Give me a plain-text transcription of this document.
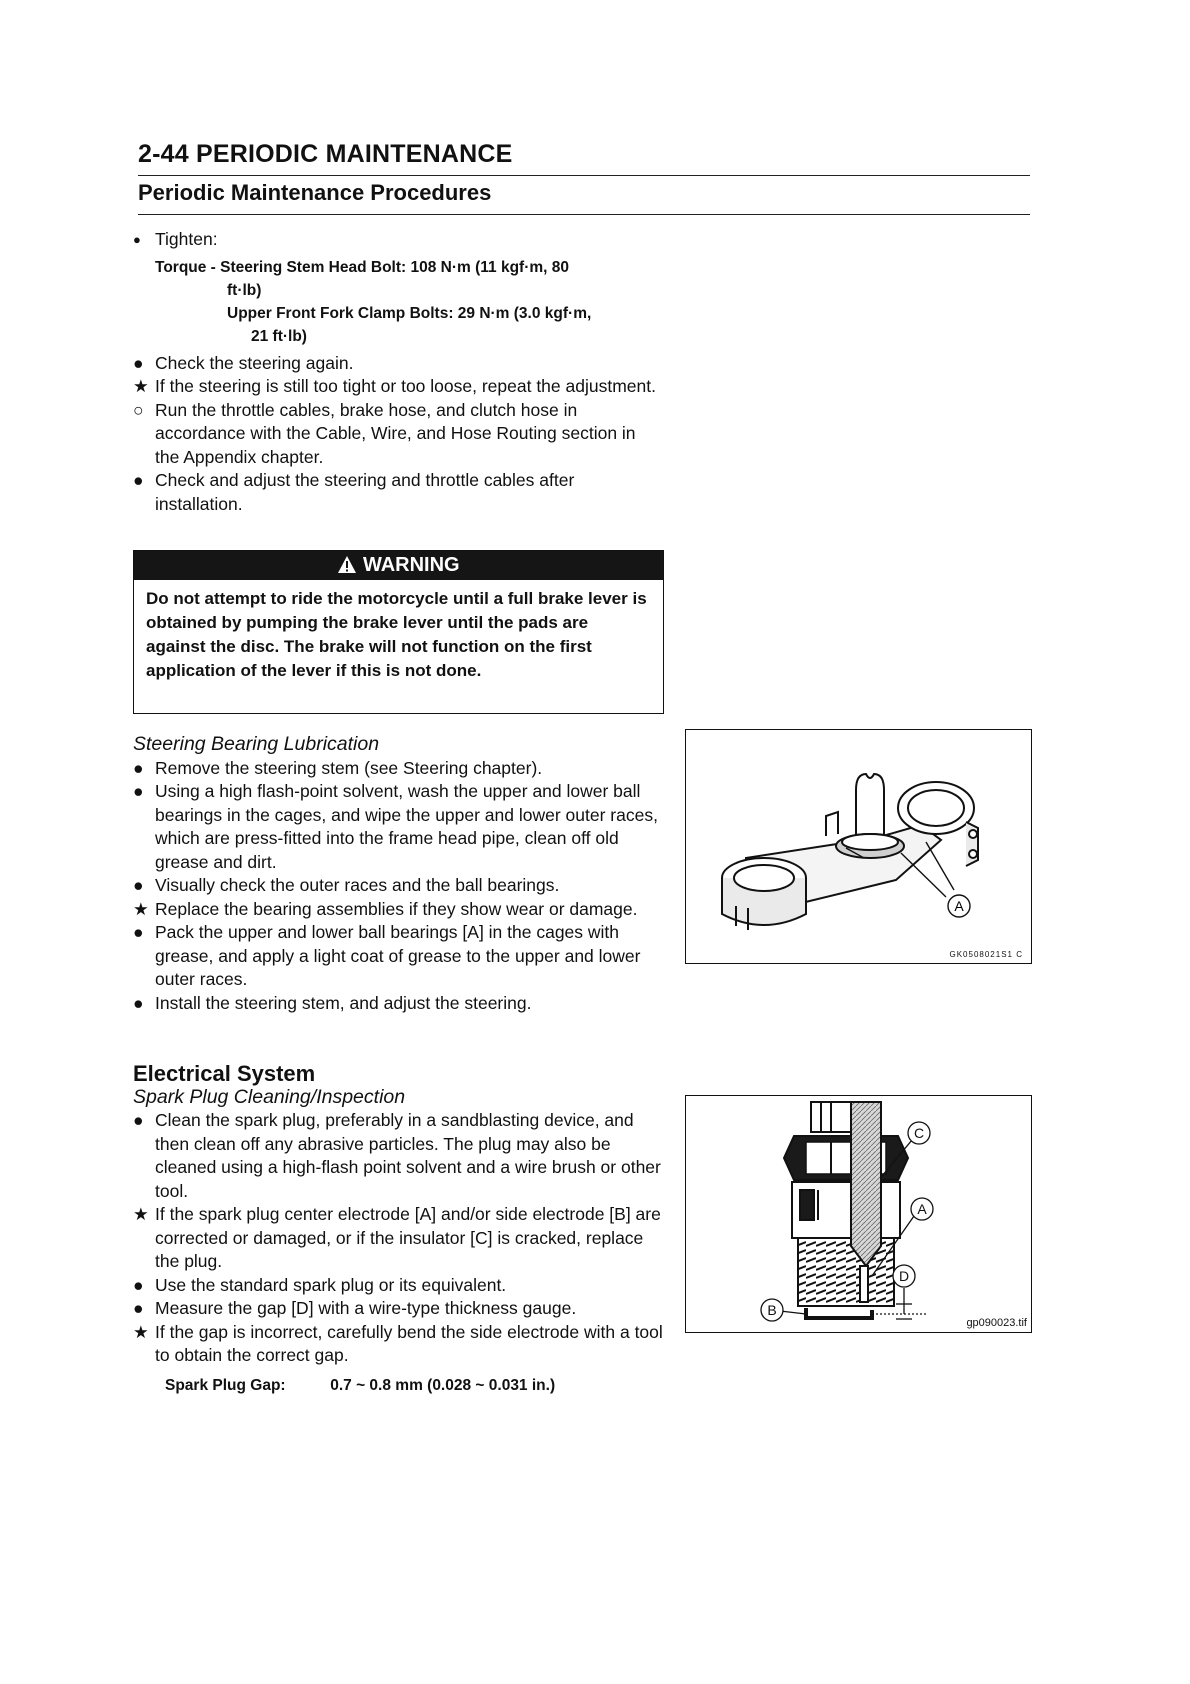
2-44 PERIODIC MAINTENANCE
Periodic Maintenance Procedures
● Tighten:
Torque - Steering Stem Head Bolt: 108 N·m (11 kgf·m, 80
ft·lb)
Upper Front Fork Clamp Bolts: 29 N·m (3.0 kgf·m,
21 ft·lb)
● Check the steering again.
★ If the steering is still too tight or too loose, repeat the adjustment.
○ Run the throttle cables, brake hose, and clutch hose in accordance with the Cable, Wire, and Hose Routing section in the Appendix chapter.
● Check and adjust the steering and throttle cables after installation.
WARNING
Do not attempt to ride the motorcycle until a full brake lever is obtained by pumping the brake lever until the pads are against the disc. The brake will not function on the first application of the lever if this is not done.
Steering Bearing Lubrication
● Remove the steering stem (see Steering chapter).
● Using a high flash-point solvent, wash the upper and lower ball bearings in the cages, and wipe the upper and lower outer races, which are press-fitted into the frame head pipe, clean off old grease and dirt.
● Visually check the outer races and the ball bearings.
★ Replace the bearing assemblies if they show wear or damage.
● Pack the upper and lower ball bearings [A] in the cages with grease, and apply a light coat of grease to the upper and lower outer races.
● Install the steering stem, and adjust the steering.
A
GK0508021S1 C
Electrical System
Spark Plug Cleaning/Inspection
● Clean the spark plug, preferably in a sandblasting device, and then clean off any abrasive particles. The plug may also be cleaned using a high-flash point solvent and a wire brush or other tool.
★ If the spark plug center electrode [A] and/or side electrode [B] are corrected or damaged, or if the insulator [C] is cracked, replace the plug.
● Use the standard spark plug or its equivalent.
● Measure the gap [D] with a wire-type thickness gauge.
★ If the gap is incorrect, carefully bend the side electrode with a tool to obtain the correct gap.
Spark Plug Gap:	0.7 ~ 0.8 mm (0.028 ~ 0.031 in.)
C
A
D
B
gp090023.tif
